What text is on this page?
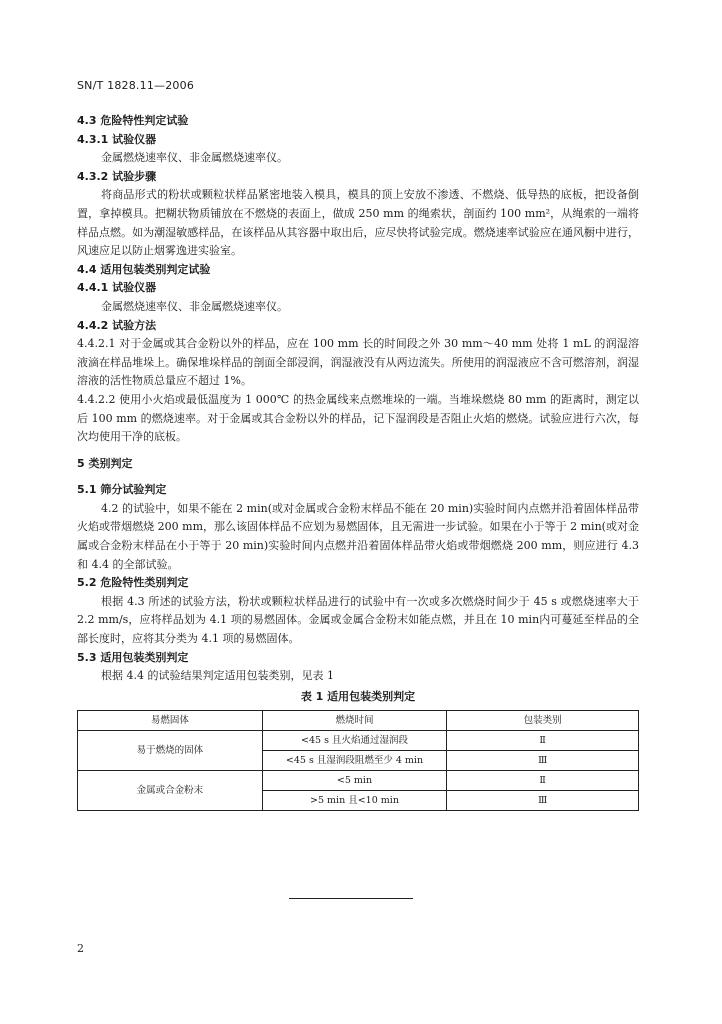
SN/T 1828.11—2006
4.3 危险特性判定试验
4.3.1 试验仪器
金属燃烧速率仪、非金属燃烧速率仪。
4.3.2 试验步骤
将商品形式的粉状或颗粒状样品紧密地装入模具，模具的顶上安放不渗透、不燃烧、低导热的底板，把设备倒置，拿掉模具。把糊状物质铺放在不燃烧的表面上，做成 250 mm 的绳索状，剖面约 100 mm²，从绳索的一端将样品点燃。如为潮湿敏感样品，在该样品从其容器中取出后，应尽快将试验完成。燃烧速率试验应在通风橱中进行，风速应足以防止烟雾逸进实验室。
4.4 适用包装类别判定试验
4.4.1 试验仪器
金属燃烧速率仪、非金属燃烧速率仪。
4.4.2 试验方法
4.4.2.1 对于金属或其合金粉以外的样品，应在 100 mm 长的时间段之外 30 mm～40 mm 处将 1 mL 的润湿溶液滴在样品堆垛上。确保堆垛样品的剖面全部浸润，润湿液没有从两边流失。所使用的润湿液应不含可燃溶剂，润湿溶液的活性物质总量应不超过 1%。
4.4.2.2 使用小火焰或最低温度为 1 000℃ 的热金属线来点燃堆垛的一端。当堆垛燃烧 80 mm 的距离时，测定以后 100 mm 的燃烧速率。对于金属或其合金粉以外的样品，记下湿润段是否阻止火焰的燃烧。试验应进行六次，每次均使用干净的底板。
5 类别判定
5.1 筛分试验判定
4.2 的试验中，如果不能在 2 min(或对金属或合金粉末样品不能在 20 min)实验时间内点燃并沿着固体样品带火焰或带烟燃烧 200 mm，那么该固体样品不应划为易燃固体，且无需进一步试验。如果在小于等于 2 min(或对金属或合金粉末样品在小于等于 20 min)实验时间内点燃并沿着固体样品带火焰或带烟燃烧 200 mm，则应进行 4.3 和 4.4 的全部试验。
5.2 危险特性类别判定
根据 4.3 所述的试验方法，粉状或颗粒状样品进行的试验中有一次或多次燃烧时间少于 45 s 或燃烧速率大于 2.2 mm/s，应将样品划为 4.1 项的易燃固体。金属或金属合金粉末如能点燃，并且在 10 min内可蔓延至样品的全部长度时，应将其分类为 4.1 项的易燃固体。
5.3 适用包装类别判定
根据 4.4 的试验结果判定适用包装类别，见表 1
表 1 适用包装类别判定
易燃固体	燃烧时间	包装类别
易于燃烧的固体	<45 s 且火焰通过湿润段	Ⅱ
	<45 s 且湿润段阻燃至少 4 min	Ⅲ
金属或合金粉末	<5 min	Ⅱ
	>5 min 且<10 min	Ⅲ
2
